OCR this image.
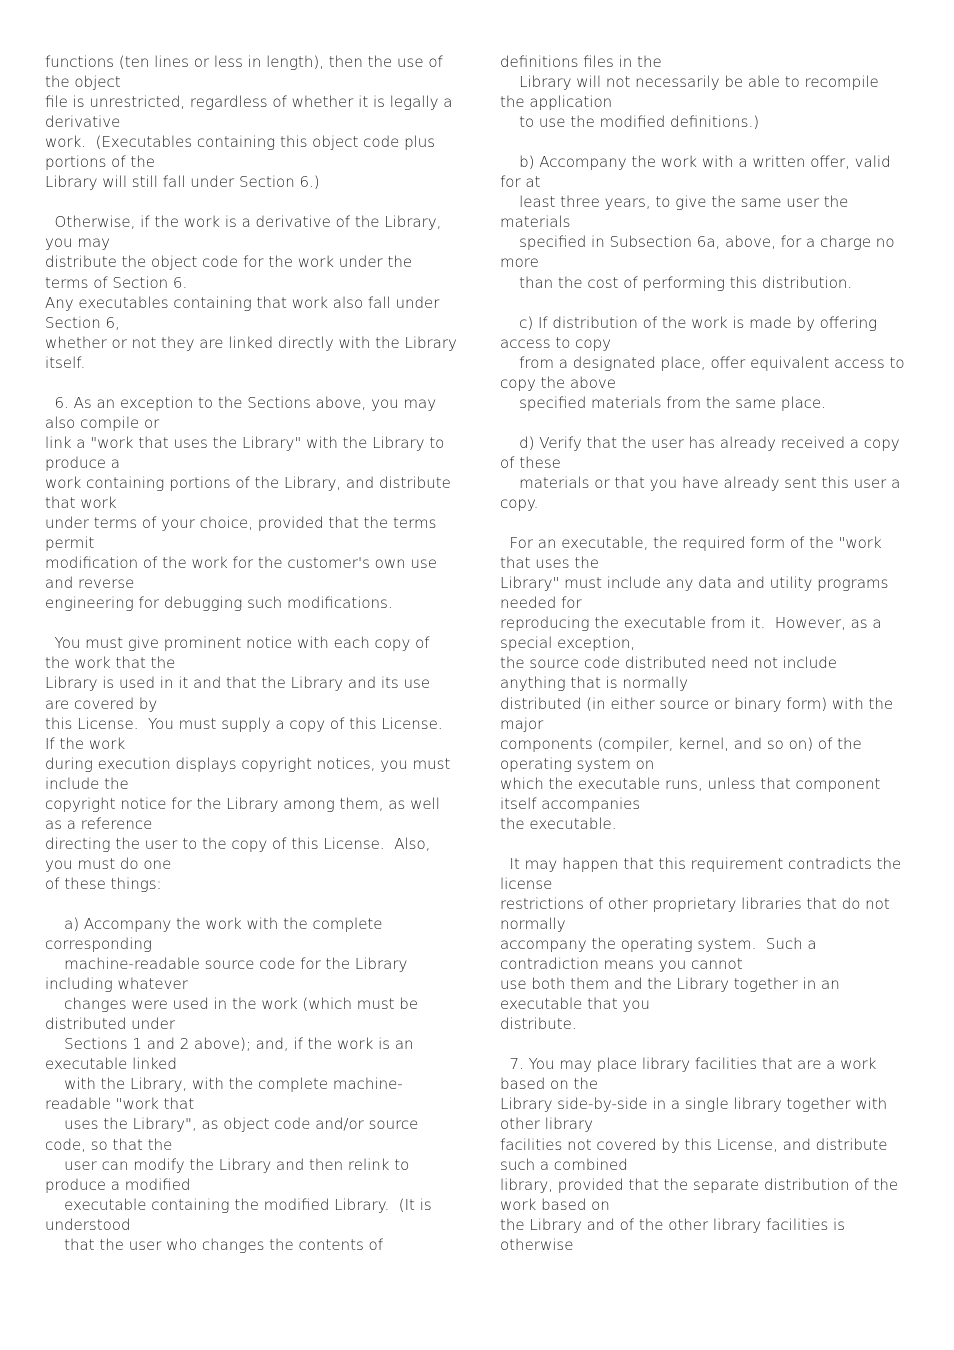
functions (ten lines or less in length), then the use of the object
file is unrestricted, regardless of whether it is legally a derivative
work.  (Executables containing this object code plus portions of the
Library will still fall under Section 6.)

Otherwise, if the work is a derivative of the Library, you may
distribute the object code for the work under the terms of Section 6.
Any executables containing that work also fall under Section 6,
whether or not they are linked directly with the Library itself.

6. As an exception to the Sections above, you may also compile or
link a "work that uses the Library" with the Library to produce a
work containing portions of the Library, and distribute that work
under terms of your choice, provided that the terms permit
modification of the work for the customer's own use and reverse
engineering for debugging such modifications.

You must give prominent notice with each copy of the work that the
Library is used in it and that the Library and its use are covered by
this License.  You must supply a copy of this License.  If the work
during execution displays copyright notices, you must include the
copyright notice for the Library among them, as well as a reference
directing the user to the copy of this License.  Also, you must do one
of these things:

a) Accompany the work with the complete corresponding
machine-readable source code for the Library including whatever
changes were used in the work (which must be distributed under
Sections 1 and 2 above); and, if the work is an executable linked
with the Library, with the complete machine-readable "work that
uses the Library", as object code and/or source code, so that the
user can modify the Library and then relink to produce a modified
executable containing the modified Library.  (It is understood
that the user who changes the contents of
definitions files in the
Library will not necessarily be able to recompile the application
to use the modified definitions.)

b) Accompany the work with a written offer, valid for at
least three years, to give the same user the materials
specified in Subsection 6a, above, for a charge no more
than the cost of performing this distribution.

c) If distribution of the work is made by offering access to copy
from a designated place, offer equivalent access to copy the above
specified materials from the same place.

d) Verify that the user has already received a copy of these
materials or that you have already sent this user a copy.

For an executable, the required form of the "work that uses the
Library" must include any data and utility programs needed for
reproducing the executable from it.  However, as a special exception,
the source code distributed need not include anything that is normally
distributed (in either source or binary form) with the major
components (compiler, kernel, and so on) of the operating system on
which the executable runs, unless that component itself accompanies
the executable.

It may happen that this requirement contradicts the license
restrictions of other proprietary libraries that do not normally
accompany the operating system.  Such a contradiction means you cannot
use both them and the Library together in an executable that you
distribute.

7. You may place library facilities that are a work based on the
Library side-by-side in a single library together with other library
facilities not covered by this License, and distribute such a combined
library, provided that the separate distribution of the work based on
the Library and of the other library facilities is otherwise
